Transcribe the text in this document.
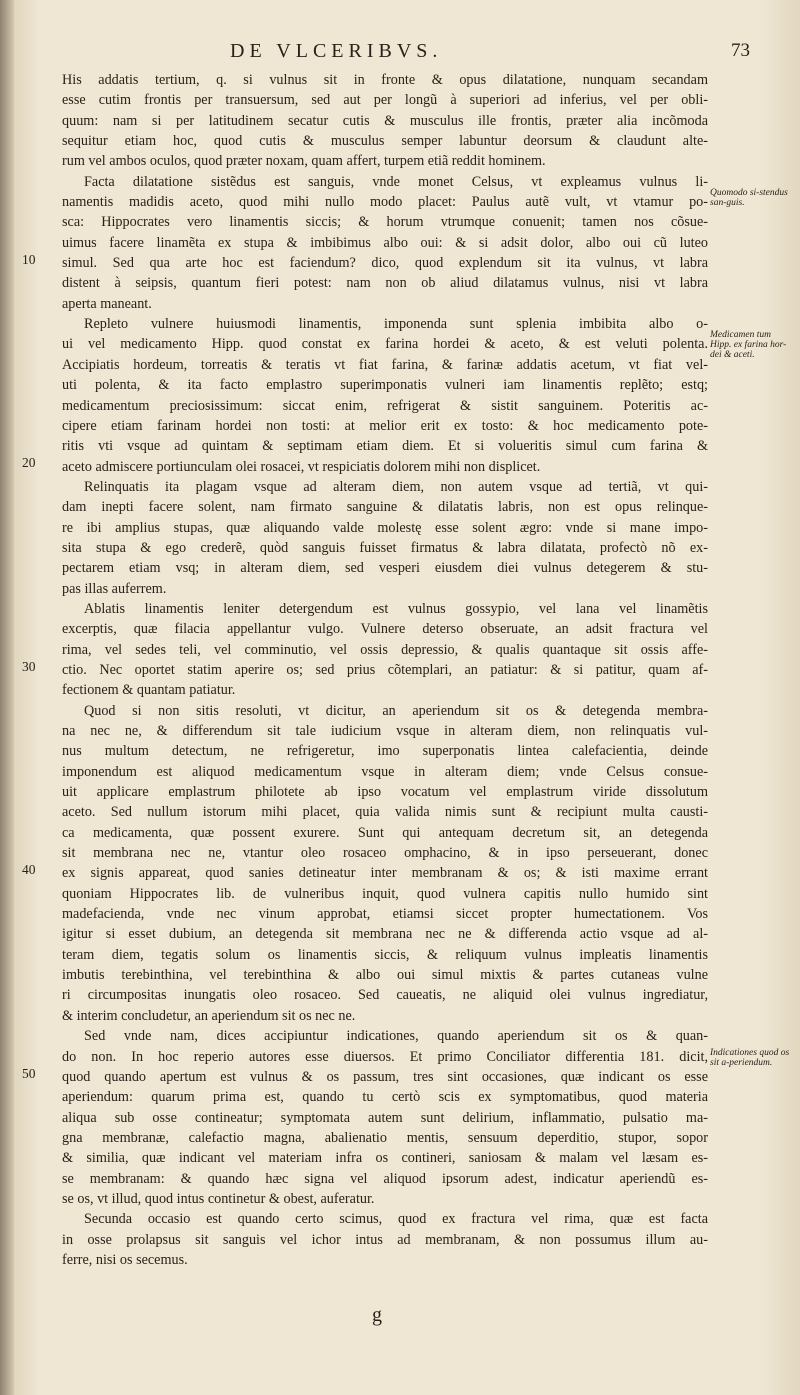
DE VLCERIBVS.	73
10
20
30
40
50
His addatis tertium, q. si vulnus sit in fronte & opus dilatatione, nunquam secandam
esse cutim frontis per transuersum, sed aut per longũ à superiori ad inferius, vel per obli-
quum: nam si per latitudinem secatur cutis & musculus ille frontis, præter alia incõmoda
sequitur etiam hoc, quod cutis & musculus semper labuntur deorsum & claudunt alte-
rum vel ambos oculos, quod præter noxam, quam affert, turpem etiã reddit hominem.
Facta dilatatione sistẽdus est sanguis, vnde monet Celsus, vt expleamus vulnus li-
namentis madidis aceto, quod mihi nullo modo placet: Paulus autẽ vult, vt vtamur po-
sca: Hippocrates vero linamentis siccis; & horum vtrumque conuenit; tamen nos cõsue-
uimus facere linamẽta ex stupa & imbibimus albo oui: & si adsit dolor, albo oui cũ luteo
simul. Sed qua arte hoc est faciendum? dico, quod explendum sit ita vulnus, vt labra
distent à seipsis, quantum fieri potest: nam non ob aliud dilatamus vulnus, nisi vt labra
aperta maneant.
Repleto vulnere huiusmodi linamentis, imponenda sunt splenia imbibita albo o-
ui vel medicamento Hipp. quod constat ex farina hordei & aceto, & est veluti polenta.
Accipiatis hordeum, torreatis & teratis vt fiat farina, & farinæ addatis acetum, vt fiat vel-
uti polenta, & ita facto emplastro superimponatis vulneri iam linamentis replẽto; estq;
medicamentum preciosissimum: siccat enim, refrigerat & sistit sanguinem. Poteritis ac-
cipere etiam farinam hordei non tosti: at melior erit ex tosto: & hoc medicamento pote-
ritis vti vsque ad quintam & septimam etiam diem. Et si volueritis simul cum farina &
aceto admiscere portiunculam olei rosacei, vt respiciatis dolorem mihi non displicet.
Relinquatis ita plagam vsque ad alteram diem, non autem vsque ad tertiã, vt qui-
dam inepti facere solent, nam firmato sanguine & dilatatis labris, non est opus relinque-
re ibi amplius stupas, quæ aliquando valde molestę esse solent ægro: vnde si mane impo-
sita stupa & ego crederẽ, quòd sanguis fuisset firmatus & labra dilatata, profectò nõ ex-
pectarem etiam vsq; in alteram diem, sed vesperi eiusdem diei vulnus detegerem & stu-
pas illas auferrem.
Ablatis linamentis leniter detergendum est vulnus gossypio, vel lana vel linamẽtis
excerptis, quæ filacia appellantur vulgo. Vulnere deterso obseruate, an adsit fractura vel
rima, vel sedes teli, vel comminutio, vel ossis depressio, & qualis quantaque sit ossis affe-
ctio. Nec oportet statim aperire os; sed prius cõtemplari, an patiatur: & si patitur, quam af-
fectionem & quantam patiatur.
Quod si non sitis resoluti, vt dicitur, an aperiendum sit os & detegenda membra-
na nec ne, & differendum sit tale iudicium vsque in alteram diem, non relinquatis vul-
nus multum detectum, ne refrigeretur, imo superponatis lintea calefacientia, deinde
imponendum est aliquod medicamentum vsque in alteram diem; vnde Celsus consue-
uit applicare emplastrum philotete ab ipso vocatum vel emplastrum viride dissolutum
aceto. Sed nullum istorum mihi placet, quia valida nimis sunt & recipiunt multa causti-
ca medicamenta, quæ possent exurere. Sunt qui antequam decretum sit, an detegenda
sit membrana nec ne, vtantur oleo rosaceo omphacino, & in ipso perseuerant, donec
ex signis appareat, quod sanies detineatur inter membranam & os; & isti maxime errant
quoniam Hippocrates lib. de vulneribus inquit, quod vulnera capitis nullo humido sint
madefacienda, vnde nec vinum approbat, etiamsi siccet propter humectationem. Vos
igitur si esset dubium, an detegenda sit membrana nec ne & differenda actio vsque ad al-
teram diem, tegatis solum os linamentis siccis, & reliquum vulnus impleatis linamentis
imbutis terebinthina, vel terebinthina & albo oui simul mixtis & partes cutaneas vulne
ri circumpositas inungatis oleo rosaceo. Sed caueatis, ne aliquid olei vulnus ingrediatur,
& interim concludetur, an aperiendum sit os nec ne.
Sed vnde nam, dices accipiuntur indicationes, quando aperiendum sit os & quan-
do non. In hoc reperio autores esse diuersos. Et primo Conciliator differentia 181. dicit,
quod quando apertum est vulnus & os passum, tres sint occasiones, quæ indicant os esse
aperiendum: quarum prima est, quando tu certò scis ex symptomatibus, quod materia
aliqua sub osse contineatur; symptomata autem sunt delirium, inflammatio, pulsatio ma-
gna membranæ, calefactio magna, abalienatio mentis, sensuum deperditio, stupor, sopor
& similia, quæ indicant vel materiam infra os contineri, saniosam & malam vel læsam es-
se membranam: & quando hæc signa vel aliquod ipsorum adest, indicatur aperiendũ es-
se os, vt illud, quod intus continetur & obest, auferatur.
Secunda occasio est quando certo scimus, quod ex fractura vel rima, quæ est facta
in osse prolapsus sit sanguis vel ichor intus ad membranam, & non possumus illum au-
ferre, nisi os secemus.
Quomodo si-stendus san-guis.
Medicamen tum Hipp. ex farina hor-dei & aceti.
Indicationes quod os sit a-periendum.
g
